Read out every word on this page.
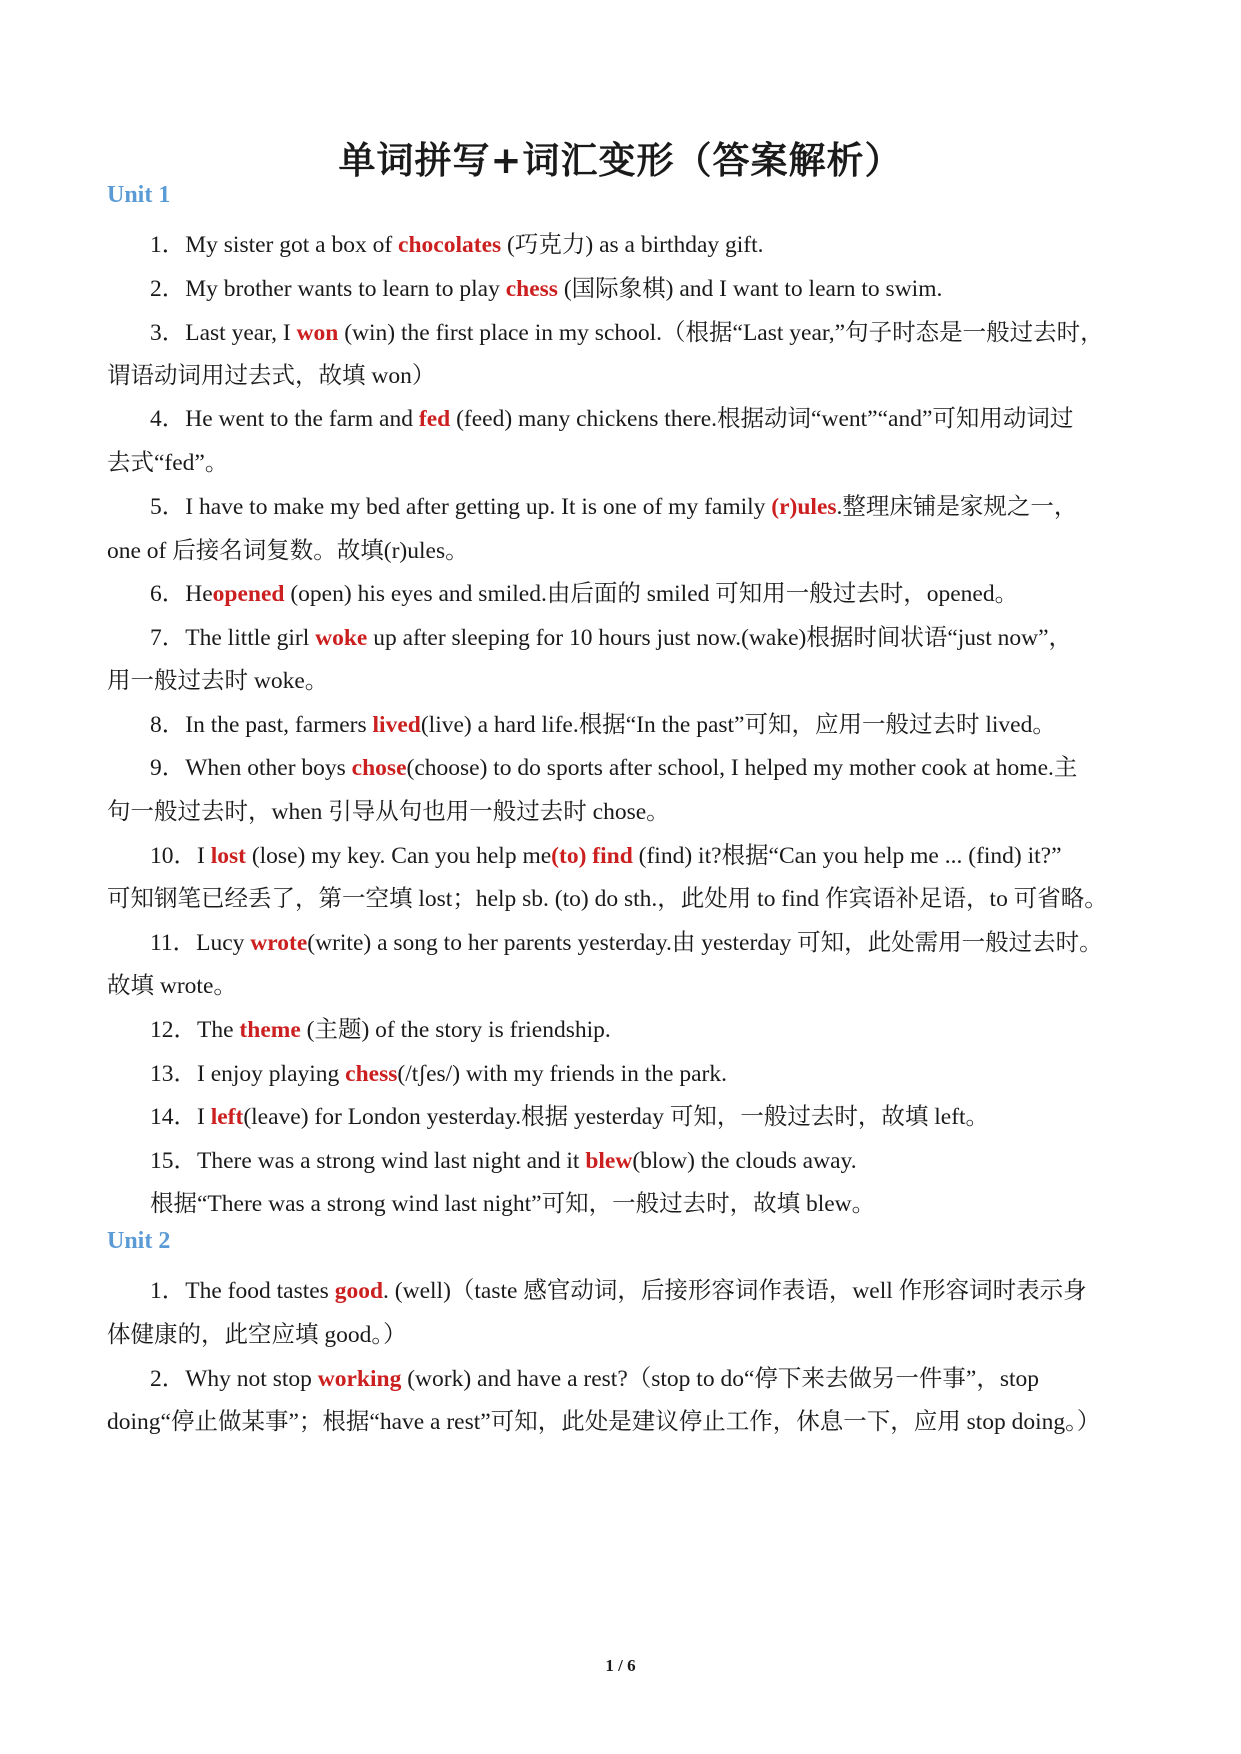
单词拼写+词汇变形（答案解析）
Unit 1
1．My sister got a box of chocolates (巧克力) as a birthday gift.
2．My brother wants to learn to play chess (国际象棋) and I want to learn to swim.
3．Last year, I won (win) the first place in my school.（根据“Last year,”句子时态是一般过去时，
谓语动词用过去式，故填 won）
4．He went to the farm and fed (feed) many chickens there.根据动词“went”“and”可知用动词过
去式“fed”。
5．I have to make my bed after getting up. It is one of my family (r)ules.整理床铺是家规之一，
one of 后接名词复数。故填(r)ules。
6．Heopened (open) his eyes and smiled.由后面的 smiled 可知用一般过去时，opened。
7．The little girl woke up after sleeping for 10 hours just now.(wake)根据时间状语“just now”，
用一般过去时 woke。
8．In the past, farmers lived(live) a hard life.根据“In the past”可知，应用一般过去时 lived。
9．When other boys chose(choose) to do sports after school, I helped my mother cook at home.主
句一般过去时，when 引导从句也用一般过去时 chose。
10．I lost (lose) my key. Can you help me(to) find (find) it?根据“Can you help me ... (find) it?”
可知钢笔已经丢了，第一空填 lost；help sb. (to) do sth.，此处用 to find 作宾语补足语，to 可省略。
11．Lucy wrote(write) a song to her parents yesterday.由 yesterday 可知，此处需用一般过去时。
故填 wrote。
12．The theme (主题) of the story is friendship.
13．I enjoy playing chess(/tʃes/) with my friends in the park.
14．I left(leave) for London yesterday.根据 yesterday 可知，一般过去时，故填 left。
15．There was a strong wind last night and it blew(blow) the clouds away.
根据“There was a strong wind last night”可知，一般过去时，故填 blew。
Unit 2
1．The food tastes good. (well)（taste 感官动词，后接形容词作表语，well 作形容词时表示身
体健康的，此空应填 good。）
2．Why not stop working (work) and have a rest?（stop to do“停下来去做另一件事”，stop
doing“停止做某事”；根据“have a rest”可知，此处是建议停止工作，休息一下，应用 stop doing。）
1 / 6
